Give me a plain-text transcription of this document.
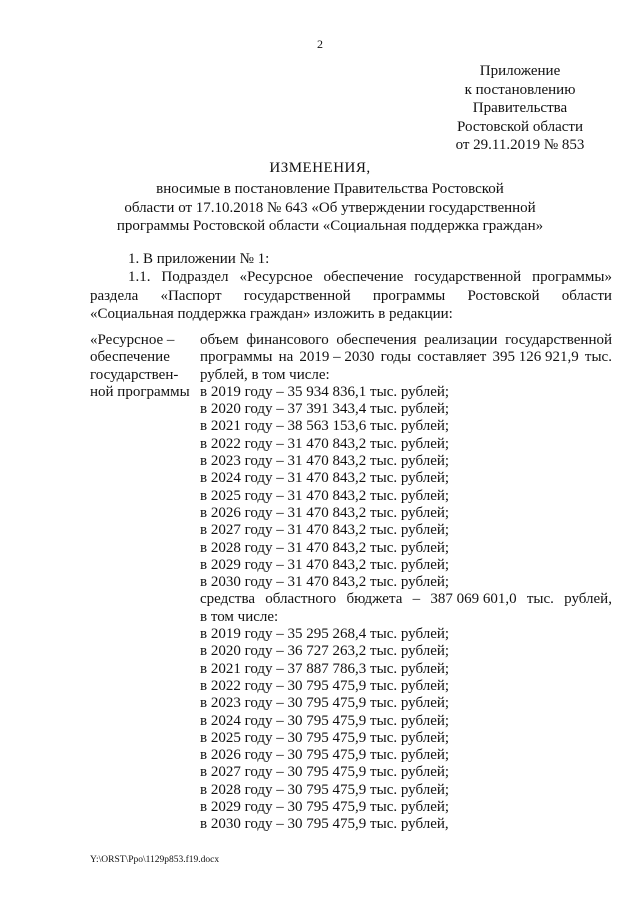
2
Приложение
к постановлению
Правительства
Ростовской области
от 29.11.2019 № 853
ИЗМЕНЕНИЯ,
вносимые в постановление Правительства Ростовской
области от 17.10.2018 № 643 «Об утверждении государственной
программы Ростовской области «Социальная поддержка граждан»
1. В приложении № 1:
1.1. Подраздел «Ресурсное обеспечение государственной программы»
раздела «Паспорт государственной программы Ростовской области
«Социальная поддержка граждан» изложить в редакции:
«Ресурсное –
обеспечение
государствен-
ной программы
объем финансового обеспечения реализации государственной
программы на 2019 – 2030 годы составляет 395 126 921,9 тыс.
рублей, в том числе:
в 2019 году – 35 934 836,1 тыс. рублей;
в 2020 году – 37 391 343,4 тыс. рублей;
в 2021 году – 38 563 153,6 тыс. рублей;
в 2022 году – 31 470 843,2 тыс. рублей;
в 2023 году – 31 470 843,2 тыс. рублей;
в 2024 году – 31 470 843,2 тыс. рублей;
в 2025 году – 31 470 843,2 тыс. рублей;
в 2026 году – 31 470 843,2 тыс. рублей;
в 2027 году – 31 470 843,2 тыс. рублей;
в 2028 году – 31 470 843,2 тыс. рублей;
в 2029 году – 31 470 843,2 тыс. рублей;
в 2030 году – 31 470 843,2 тыс. рублей;
средства областного бюджета – 387 069 601,0 тыс. рублей,
в том числе:
в 2019 году – 35 295 268,4 тыс. рублей;
в 2020 году – 36 727 263,2 тыс. рублей;
в 2021 году – 37 887 786,3 тыс. рублей;
в 2022 году – 30 795 475,9 тыс. рублей;
в 2023 году – 30 795 475,9 тыс. рублей;
в 2024 году – 30 795 475,9 тыс. рублей;
в 2025 году – 30 795 475,9 тыс. рублей;
в 2026 году – 30 795 475,9 тыс. рублей;
в 2027 году – 30 795 475,9 тыс. рублей;
в 2028 году – 30 795 475,9 тыс. рублей;
в 2029 году – 30 795 475,9 тыс. рублей;
в 2030 году – 30 795 475,9 тыс. рублей,
Y:\ORST\Ppo\1129p853.f19.docx
